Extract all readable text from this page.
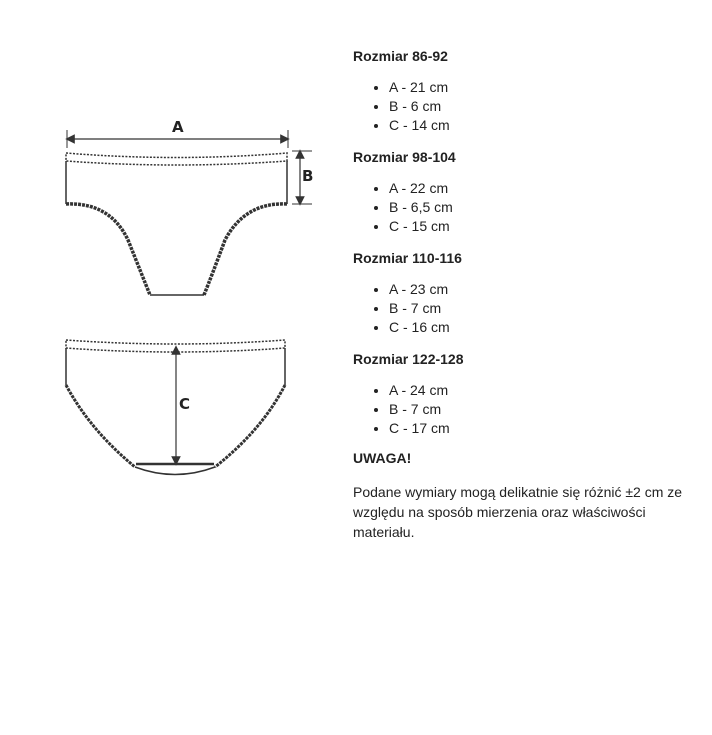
A
B
C

Rozmiar 86-92

• A - 21 cm
• B - 6 cm
• C - 14 cm

Rozmiar 98-104

• A - 22 cm
• B - 6,5 cm
• C - 15 cm

Rozmiar 110-116

• A - 23 cm
• B - 7 cm
• C - 16 cm

Rozmiar 122-128

• A - 24 cm
• B - 7 cm
• C - 17 cm

UWAGA!

Podane wymiary mogą delikatnie się różnić ±2 cm ze względu na sposób mierzenia oraz właściwości materiału.
